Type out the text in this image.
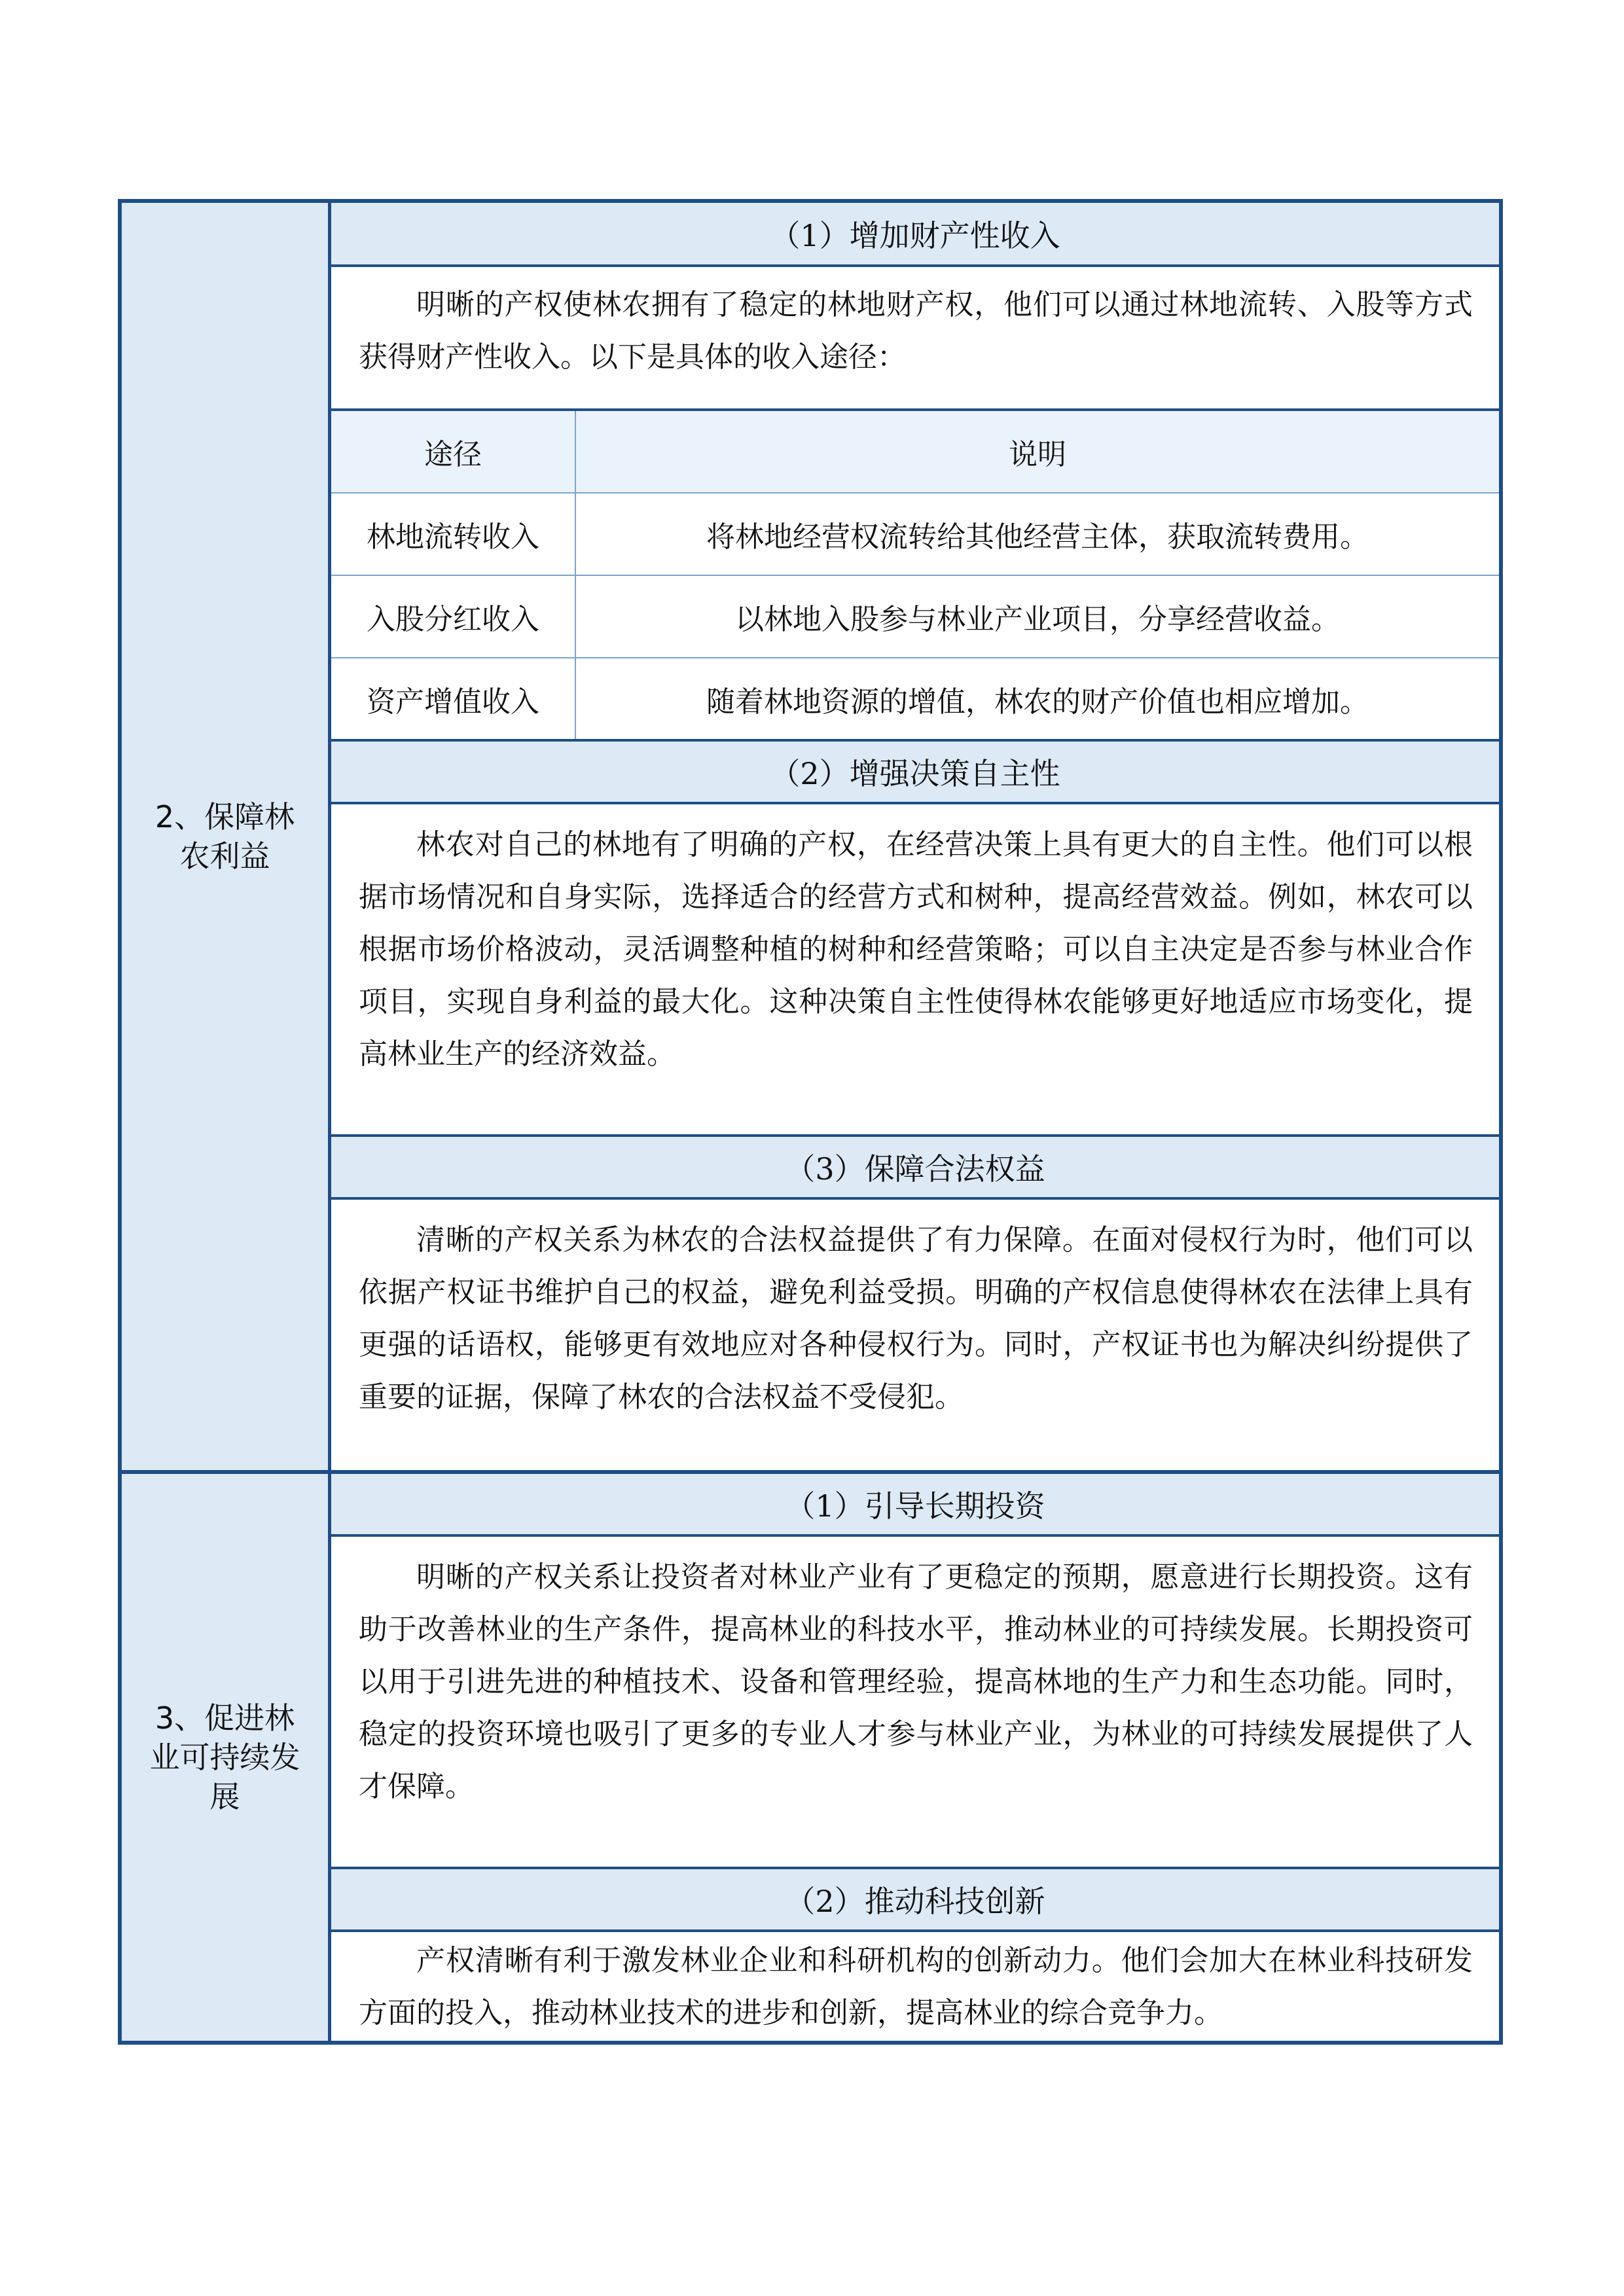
2、保障林农利益
（1）增加财产性收入
明晰的产权使林农拥有了稳定的林地财产权，他们可以通过林地流转、入股等方式获得财产性收入。以下是具体的收入途径：
途径	说明
林地流转收入	将林地经营权流转给其他经营主体，获取流转费用。
入股分红收入	以林地入股参与林业产业项目，分享经营收益。
资产增值收入	随着林地资源的增值，林农的财产价值也相应增加。
（2）增强决策自主性
林农对自己的林地有了明确的产权，在经营决策上具有更大的自主性。他们可以根据市场情况和自身实际，选择适合的经营方式和树种，提高经营效益。例如，林农可以根据市场价格波动，灵活调整种植的树种和经营策略；可以自主决定是否参与林业合作项目，实现自身利益的最大化。这种决策自主性使得林农能够更好地适应市场变化，提高林业生产的经济效益。
（3）保障合法权益
清晰的产权关系为林农的合法权益提供了有力保障。在面对侵权行为时，他们可以依据产权证书维护自己的权益，避免利益受损。明确的产权信息使得林农在法律上具有更强的话语权，能够更有效地应对各种侵权行为。同时，产权证书也为解决纠纷提供了重要的证据，保障了林农的合法权益不受侵犯。
3、促进林业可持续发展
（1）引导长期投资
明晰的产权关系让投资者对林业产业有了更稳定的预期，愿意进行长期投资。这有助于改善林业的生产条件，提高林业的科技水平，推动林业的可持续发展。长期投资可以用于引进先进的种植技术、设备和管理经验，提高林地的生产力和生态功能。同时，稳定的投资环境也吸引了更多的专业人才参与林业产业，为林业的可持续发展提供了人才保障。
（2）推动科技创新
产权清晰有利于激发林业企业和科研机构的创新动力。他们会加大在林业科技研发方面的投入，推动林业技术的进步和创新，提高林业的综合竞争力。
